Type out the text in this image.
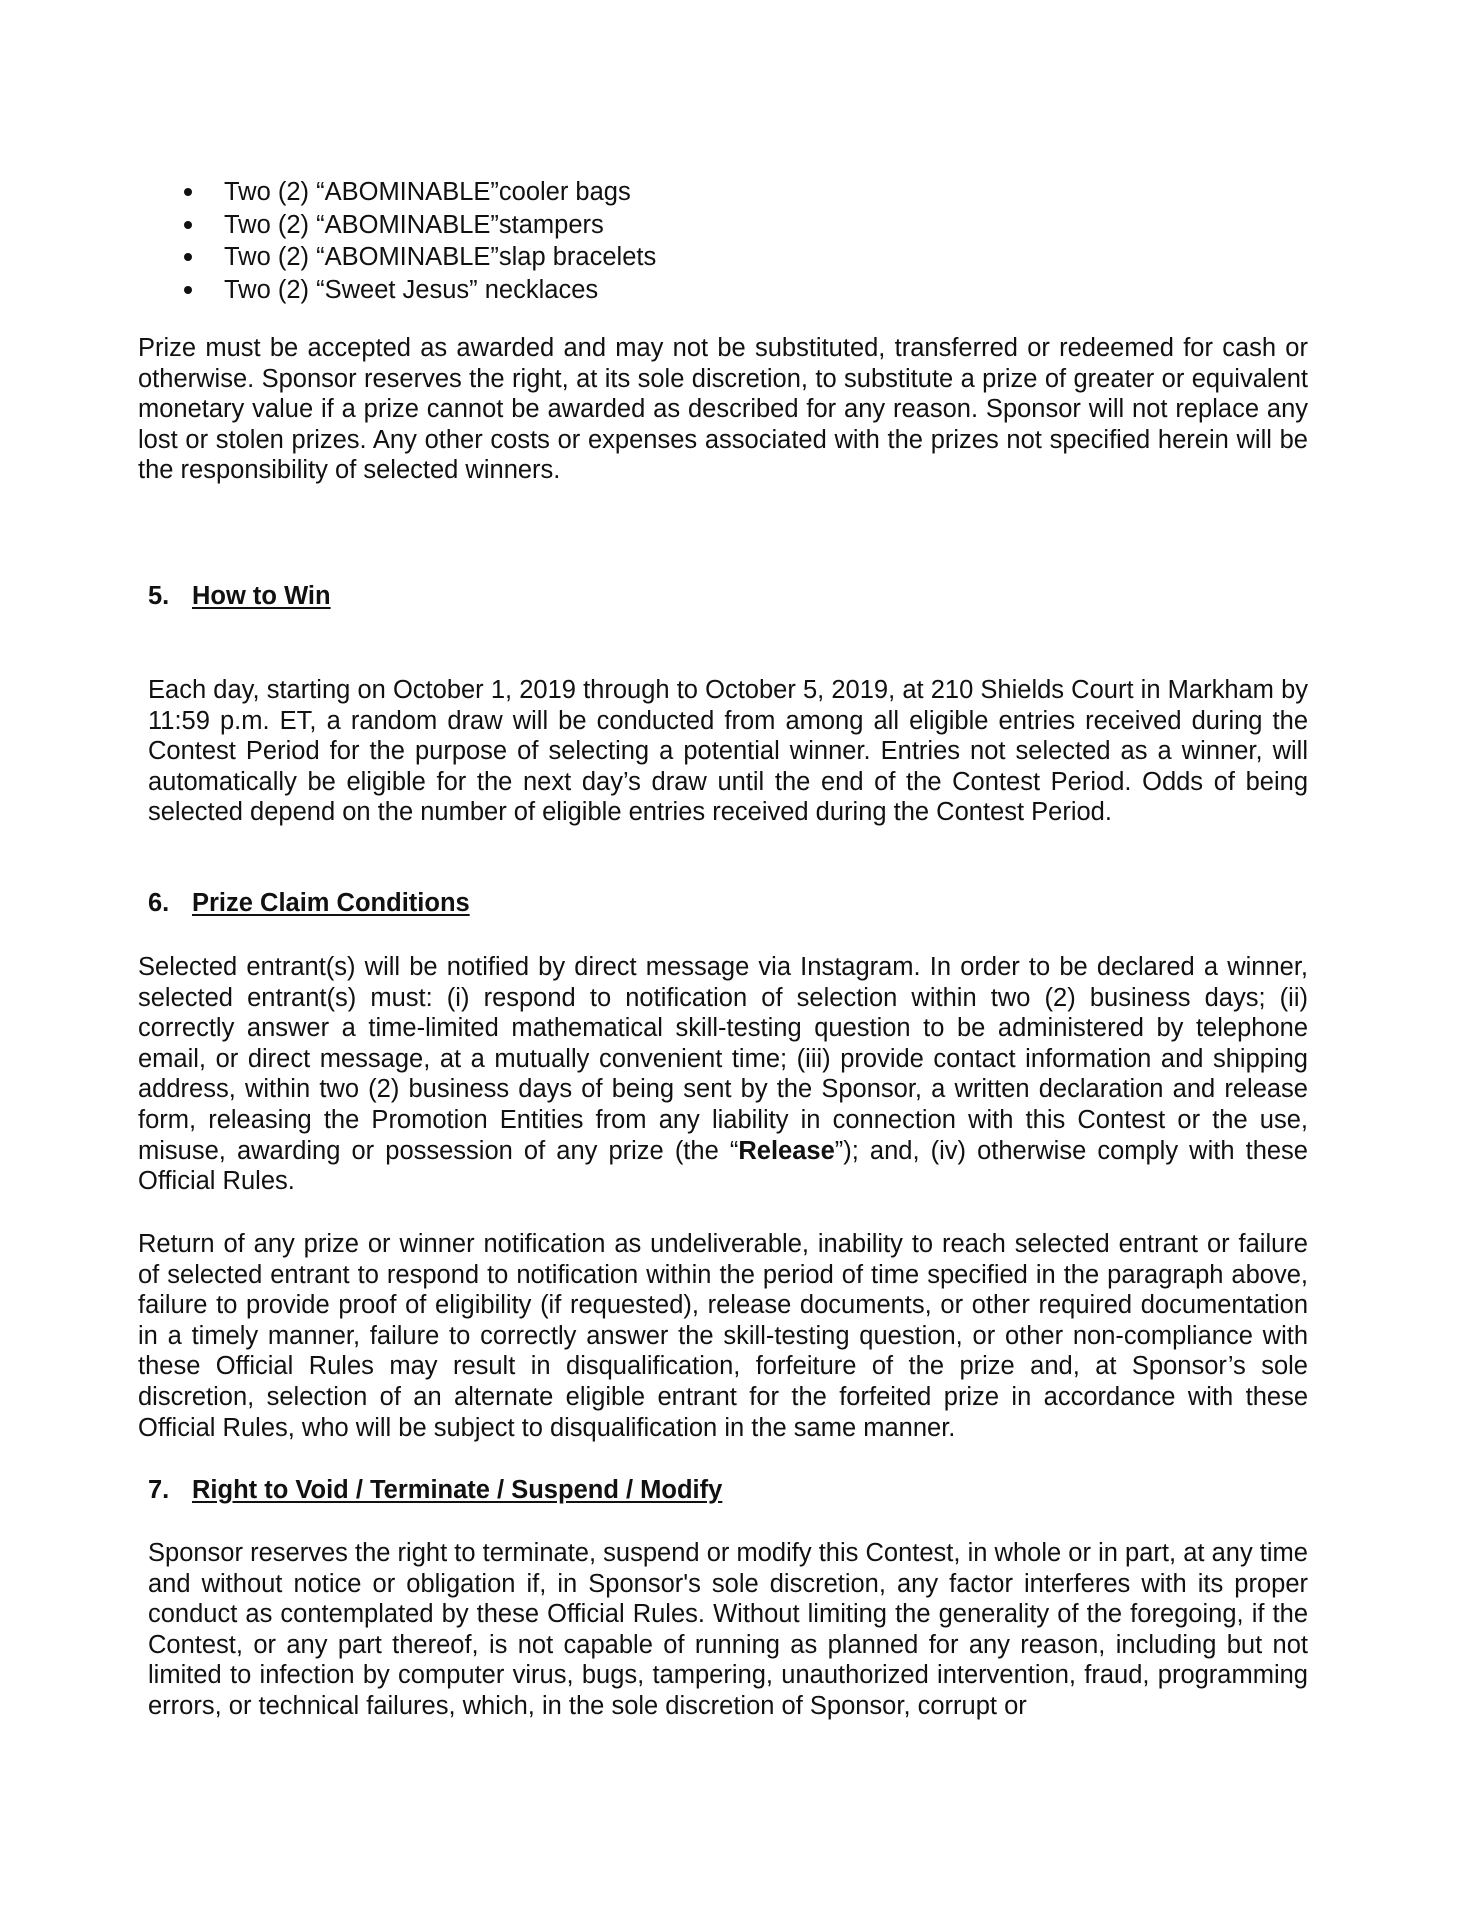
Two (2) “ABOMINABLE”cooler bags
Two (2) “ABOMINABLE”stampers
Two (2) “ABOMINABLE”slap bracelets
Two (2) “Sweet Jesus” necklaces

Prize must be accepted as awarded and may not be substituted, transferred or redeemed for cash or otherwise. Sponsor reserves the right, at its sole discretion, to substitute a prize of greater or equivalent monetary value if a prize cannot be awarded as described for any reason. Sponsor will not replace any lost or stolen prizes. Any other costs or expenses associated with the prizes not specified herein will be the responsibility of selected winners.

5. How to Win

Each day, starting on October 1, 2019 through to October 5, 2019, at 210 Shields Court in Markham by 11:59 p.m. ET, a random draw will be conducted from among all eligible entries received during the Contest Period for the purpose of selecting a potential winner. Entries not selected as a winner, will automatically be eligible for the next day’s draw until the end of the Contest Period. Odds of being selected depend on the number of eligible entries received during the Contest Period.

6. Prize Claim Conditions

Selected entrant(s) will be notified by direct message via Instagram. In order to be declared a winner, selected entrant(s) must: (i) respond to notification of selection within two (2) business days; (ii) correctly answer a time-limited mathematical skill-testing question to be administered by telephone email, or direct message, at a mutually convenient time; (iii) provide contact information and shipping address, within two (2) business days of being sent by the Sponsor, a written declaration and release form, releasing the Promotion Entities from any liability in connection with this Contest or the use, misuse, awarding or possession of any prize (the “Release”); and, (iv) otherwise comply with these Official Rules.

Return of any prize or winner notification as undeliverable, inability to reach selected entrant or failure of selected entrant to respond to notification within the period of time specified in the paragraph above, failure to provide proof of eligibility (if requested), release documents, or other required documentation in a timely manner, failure to correctly answer the skill-testing question, or other non-compliance with these Official Rules may result in disqualification, forfeiture of the prize and, at Sponsor’s sole discretion, selection of an alternate eligible entrant for the forfeited prize in accordance with these Official Rules, who will be subject to disqualification in the same manner.

7. Right to Void / Terminate / Suspend / Modify

Sponsor reserves the right to terminate, suspend or modify this Contest, in whole or in part, at any time and without notice or obligation if, in Sponsor's sole discretion, any factor interferes with its proper conduct as contemplated by these Official Rules. Without limiting the generality of the foregoing, if the Contest, or any part thereof, is not capable of running as planned for any reason, including but not limited to infection by computer virus, bugs, tampering, unauthorized intervention, fraud, programming errors, or technical failures, which, in the sole discretion of Sponsor, corrupt or
